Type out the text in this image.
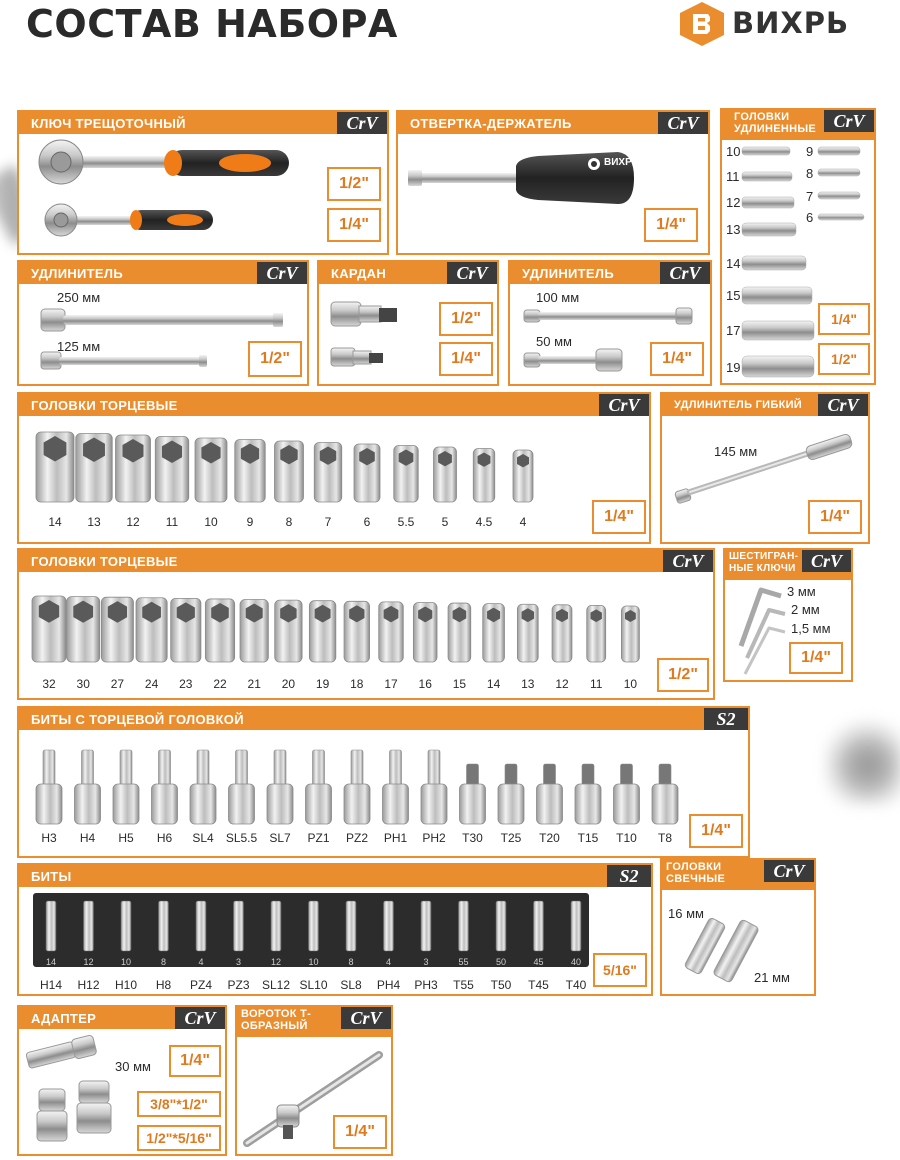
СОСТАВ НАБОРА	ВИХРЬ
КЛЮЧ ТРЕЩОТОЧНЫЙ	CrV
1/2"
1/4"
ОТВЕРТКА-ДЕРЖАТЕЛЬ	CrV
ВИХРЬ
1/4"
ГОЛОВКИ УДЛИНЕННЫЕ CrV
10
11
12
13
14
15
17
19
9
8
7
6
1/4"
1/2"
УДЛИНИТЕЛЬ	CrV
250 мм
125 мм
1/2"
КАРДАН	CrV
1/2"
1/4"
УДЛИНИТЕЛЬ	CrV
100 мм
50 мм
1/4"
ГОЛОВКИ ТОРЦЕВЫЕ	CrV
14 13 12 11 10 9	8	7	6 5.5 5 4.5 4	1/4"
УДЛИНИТЕЛЬ ГИБКИЙ	CrV
145 мм
1/4"
ГОЛОВКИ ТОРЦЕВЫЕ	CrV
32 30 27 24 23 22 21 20 19 18 17 16 15 14 13 12 11 10
1/2"
ШЕСТИГРАН-НЫЕ КЛЮЧИ CrV
3 мм
2 мм
1,5 мм
1/4"
БИТЫ С ТОРЦЕВОЙ ГОЛОВКОЙ	S2
H3 H4 H5 H6 SL4 SL5.5 SL7 PZ1 PZ2 PH1 PH2 T30 T25 T20 T15 T10 T8	1/4"
БИТЫ	S2
14
H14
12
H12
10
H10
8
H8
4
PZ4
3
PZ3
12
SL12
10
SL10
8
SL8
4
PH4
3
PH3
55
T55
50
T50
45
T45
40
T40
5/16"
ГОЛОВКИ СВЕЧНЫЕ	CrV
16 мм
21 мм
АДАПТЕР	CrV
30 мм	1/4"
3/8"*1/2"
1/2"*5/16"
ВОРОТОК Т-ОБРАЗНЫЙ	CrV
1/4"
